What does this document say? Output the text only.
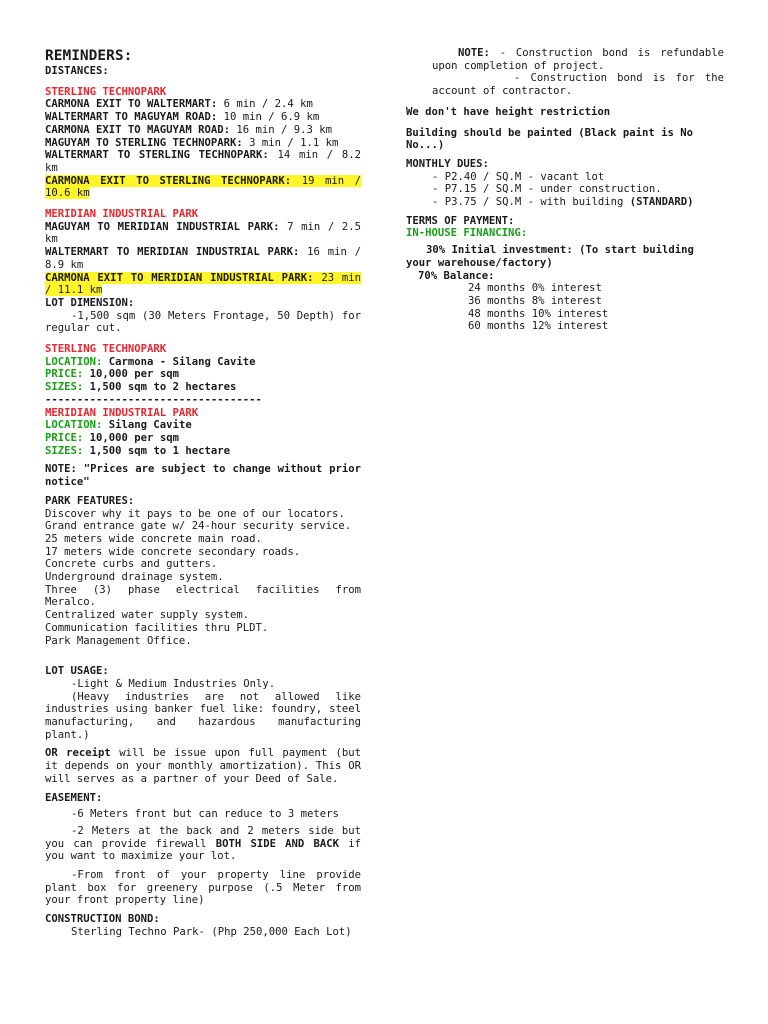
REMINDERS:

DISTANCES:

STERLING TECHNOPARK

CARMONA EXIT TO WALTERMART: 6 min / 2.4 km

WALTERMART TO MAGUYAM ROAD: 10 min / 6.9 km

CARMONA EXIT TO MAGUYAM ROAD: 16 min / 9.3 km

MAGUYAM TO STERLING TECHNOPARK: 3 min / 1.1 km

WALTERMART TO STERLING TECHNOPARK: 14 min / 8.2 km

CARMONA EXIT TO STERLING TECHNOPARK: 19 min / 10.6 km

MERIDIAN INDUSTRIAL PARK

MAGUYAM TO MERIDIAN INDUSTRIAL PARK: 7 min / 2.5 km

WALTERMART TO MERIDIAN INDUSTRIAL PARK: 16 min / 8.9 km

CARMONA EXIT TO MERIDIAN INDUSTRIAL PARK: 23 min / 11.1 km

LOT DIMENSION:

-1,500 sqm (30 Meters Frontage, 50 Depth) for regular cut.

STERLING TECHNOPARK

LOCATION: Carmona - Silang Cavite

PRICE: 10,000 per sqm

SIZES: 1,500 sqm to 2 hectares

----------------------------------

MERIDIAN INDUSTRIAL PARK

LOCATION: Silang Cavite

PRICE: 10,000 per sqm

SIZES: 1,500 sqm to 1 hectare

NOTE: "Prices are subject to change without prior notice"

PARK FEATURES:

Discover why it pays to be one of our locators.

Grand entrance gate w/ 24-hour security service.

25 meters wide concrete main road.

17 meters wide concrete secondary roads.

Concrete curbs and gutters.

Underground drainage system.

Three (3) phase electrical facilities from Meralco.

Centralized water supply system.

Communication facilities thru PLDT.

Park Management Office.

LOT USAGE:

-Light & Medium Industries Only.

(Heavy industries are not allowed like industries using banker fuel like: foundry, steel manufacturing, and hazardous manufacturing plant.)

OR receipt will be issue upon full payment (but it depends on your monthly amortization). This OR will serves as a partner of your Deed of Sale.

EASEMENT:

-6 Meters front but can reduce to 3 meters

-2 Meters at the back and 2 meters side but you can provide firewall BOTH SIDE AND BACK if you want to maximize your lot.

-From front of your property line provide plant box for greenery purpose (.5 Meter from your front property line)

CONSTRUCTION BOND:

Sterling Techno Park- (Php 250,000 Each Lot)

NOTE: - Construction bond is refundable upon completion of project.

- Construction bond is for the account of contractor.

We don't have height restriction

Building should be painted (Black paint is No No...)

MONTHLY DUES:

- P2.40 / SQ.M - vacant lot

- P7.15 / SQ.M - under construction.

- P3.75 / SQ.M - with building (STANDARD)

TERMS OF PAYMENT:

IN-HOUSE FINANCING:

30% Initial investment: (To start building your warehouse/factory)

70% Balance:

24 months 0% interest

36 months 8% interest

48 months 10% interest

60 months 12% interest
